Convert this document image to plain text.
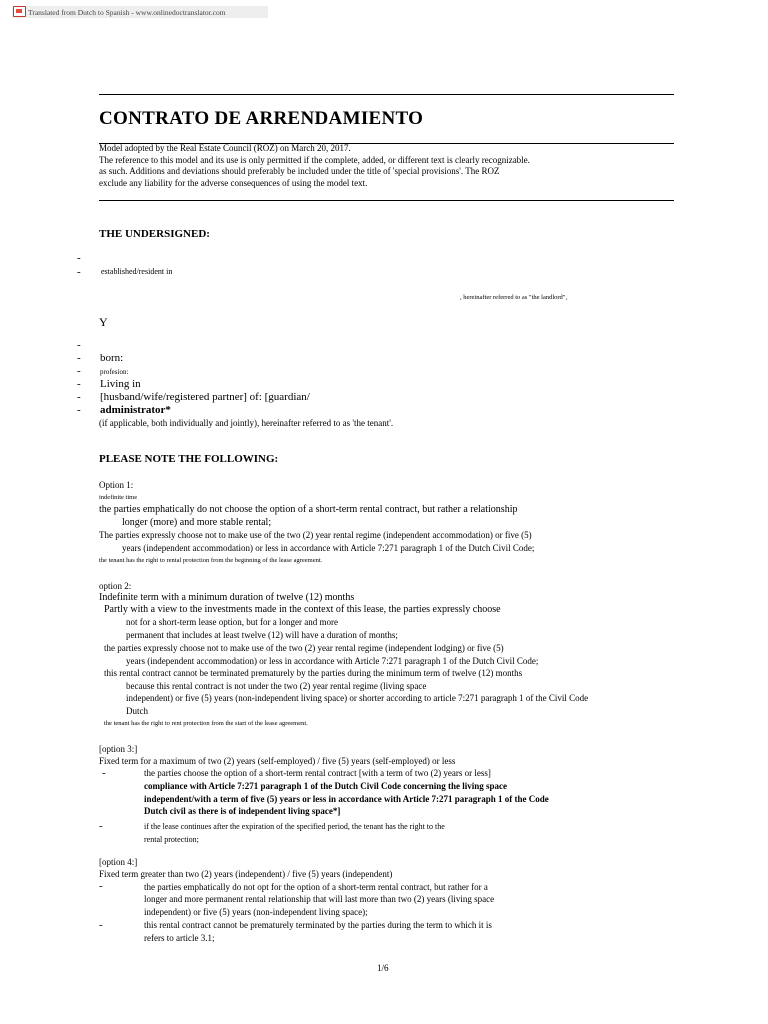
Translated from Dutch to Spanish - www.onlinedoctranslator.com
CONTRATO DE ARRENDAMIENTO
Model adopted by the Real Estate Council (ROZ) on March 20, 2017.
The reference to this model and its use is only permitted if the complete, added, or different text is clearly recognizable.
as such. Additions and deviations should preferably be included under the title of 'special provisions'. The ROZ
exclude any liability for the adverse consequences of using the model text.
THE UNDERSIGNED:
-
-	established/resident in
, hereinafter referred to as "the landlord",
Y
-
-
-
-
-
-
born:
profesion:
Living in
[husband/wife/registered partner] of: [guardian/
administrator*
(if applicable, both individually and jointly), hereinafter referred to as 'the tenant'.
PLEASE NOTE THE FOLLOWING:
Option 1:
indefinite time
the parties emphatically do not choose the option of a short-term rental contract, but rather a relationship
longer (more) and more stable rental;
The parties expressly choose not to make use of the two (2) year rental regime (independent accommodation) or five (5)
years (independent accommodation) or less in accordance with Article 7:271 paragraph 1 of the Dutch Civil Code;
the tenant has the right to rental protection from the beginning of the lease agreement.
option 2:
Indefinite term with a minimum duration of twelve (12) months
Partly with a view to the investments made in the context of this lease, the parties expressly choose
not for a short-term lease option, but for a longer and more
permanent that includes at least twelve (12) will have a duration of months;
the parties expressly choose not to make use of the two (2) year rental regime (independent lodging) or five (5)
years (independent accommodation) or less in accordance with Article 7:271 paragraph 1 of the Dutch Civil Code;
this rental contract cannot be terminated prematurely by the parties during the minimum term of twelve (12) months
because this rental contract is not under the two (2) year rental regime (living space
independent) or five (5) years (non-independent living space) or shorter according to article 7:271 paragraph 1 of the Civil Code
Dutch
the tenant has the right to rent protection from the start of the lease agreement.
[option 3:]
Fixed term for a maximum of two (2) years (self-employed) / five (5) years (self-employed) or less
-	the parties choose the option of a short-term rental contract [with a term of two (2) years or less]
compliance with Article 7:271 paragraph 1 of the Dutch Civil Code concerning the living space
independent/with a term of five (5) years or less in accordance with Article 7:271 paragraph 1 of the Code
Dutch civil as there is of independent living space*]
-	if the lease continues after the expiration of the specified period, the tenant has the right to the
rental protection;
[option 4:]
Fixed term greater than two (2) years (independent) / five (5) years (independent)
-	the parties emphatically do not opt for the option of a short-term rental contract, but rather for a
longer and more permanent rental relationship that will last more than two (2) years (living space
independent) or five (5) years (non-independent living space);
-	this rental contract cannot be prematurely terminated by the parties during the term to which it is
refers to article 3.1;
1/6
